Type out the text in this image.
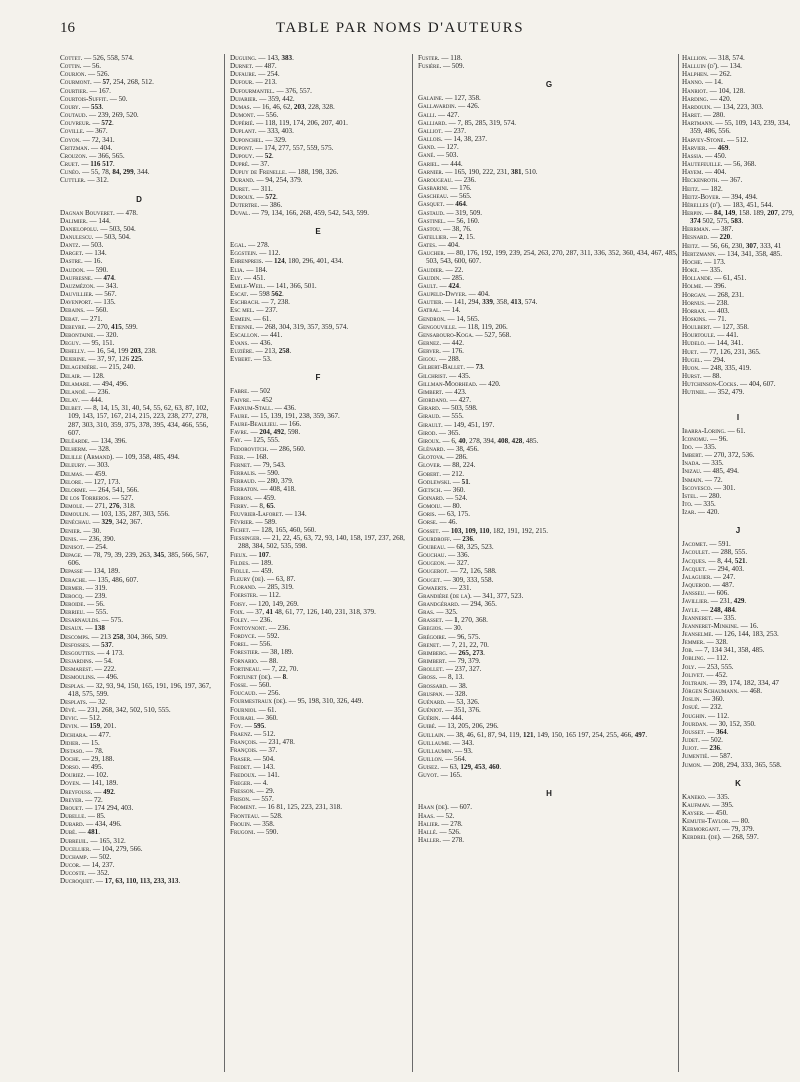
16	TABLE PAR NOMS D'AUTEURS
Cottet. — 526, 558, 574.
Cottin. — 56.
Courjon. — 526.
Courmont. — 57, 254, 268, 512.
Courtier. — 167.
Courtois-Suffit. — 50.
Coury. — 553.
Coutaud. — 239, 269, 520.
Couvreur. — 572.
Coville. — 367.
Coyon. — 72, 341.
Critzman. — 404.
Crouzon. — 366, 565.
Cruet. — 116 517.
Cunéo. — 55, 78, 84, 299, 344.
Cuttler. — 312.
D
Dagnan Bouveret. — 478.
Dalimier. — 144.
Danielopolu. — 503, 504.
Danulescu. — 503, 504.
Dantz. — 503.
Darget. — 134.
Dastre. — 16.
Daudon. — 590.
Daufresne. — 474.
Dauzmézon. — 343.
Dauvillier. — 567.
Davenport. — 135.
Debains. — 560.
Debat. — 271.
Debeyre. — 270, 415, 599.
Debontaine. — 320.
Deguy. — 95, 151.
Dehelly. — 16, 54, 199 203, 238.
Dejerine. — 37, 97, 126 225.
Delagenière. — 215, 240.
Delair. — 128.
Delamare. — 494, 496.
Delanoë. — 236.
Delay. — 444.
Delbet. — 8, 14, 15, 31, 40, 54, 55, 62, 63, 87, 102, 109, 143, 157, 167, 214, 215, 223, 238, 277, 278, 287, 303, 310, 359, 375, 378, 395, 434, 466, 556, 607.
Deléarde. — 134, 396.
Delherm. — 328.
Delille (Armand). — 109, 358, 485, 494.
Deleury. — 303.
Delmas. — 459.
Delore. — 127, 173.
Delorme. — 264, 541, 566.
De los Torreros. — 527.
Demole. — 271, 276, 318.
Demoulin. — 103, 135, 287, 303, 556.
Denéchau. — 329, 342, 367.
Denier. — 30.
Denis. — 236, 390.
Denisot. — 254.
Depage. — 78, 79, 39, 239, 263, 345, 385, 566, 567, 606.
Depasse — 134, 189.
Derache. — 135, 486, 607.
Dermer. — 319.
Derocq. — 239.
Deroide. — 56.
Derrieu. — 555.
Desarnaulds. — 575.
Desaux. — 138
Descomps. — 213 258, 304, 366, 509.
Desfosses. — 537.
Desgouttes. — 4 173.
Desjardins. — 54.
Desmarest. — 222.
Desmoulins. — 496.
Desplas. — 32, 93, 94, 150, 165, 191, 196, 197, 367, 418, 575, 599.
Desplats. — 32.
Dévé. — 231, 268, 342, 502, 510, 555.
Devic. — 512.
Devin. — 159, 201.
Dichiara. — 477.
Didier. — 15.
Distaso. — 78.
Doche. — 29, 188.
Dorso. — 495.
Douriez. — 102.
Doyen. — 141, 189.
Dreyfouss. — 492.
Dreyer. — 72.
Drouet. — 174 294, 403.
Dubelle. — 85.
Dubard. — 434, 496.
Dubé. — 481.
Dubreuil. — 165, 312.
Ducellier. — 104, 279, 566.
Duchamp. — 502.
Ducor. — 14, 237.
Ducoste. — 352.
Ducroquet. — 17, 63, 110, 113, 233, 313.
Duguing. — 143, 383.
Durnet. — 487.
Dufaure. — 254.
Dufour. — 213.
Dufourmantel. — 376, 557.
Dujarier. — 359, 442.
Dumas. — 16, 46, 62, 203, 228, 328.
Dumont. — 556.
Dupérié. — 118, 119, 174, 206, 207, 401.
Duplant. — 333, 403.
Duponchel. — 329.
Dupont. — 174, 277, 557, 559, 575.
Dupouy. — 52.
Dupré. — 37.
Dupuy de Frenelle. — 188, 198, 326.
Durand. — 94, 254, 379.
Duret. — 311.
Duroux. — 572.
Dutertre. — 386.
Duval. — 79, 134, 166, 268, 459, 542, 543, 599.
E
Egal. — 278.
Eggstein. — 112.
Ehrenpreis. — 124, 180, 296, 401, 434.
Elia. — 184.
Ely. — 451.
Emile-Weil. — 141, 366, 501.
Escat. — 598 562.
Eschbach. — 7, 238.
Esc mel. — 237.
Esmein. — 61.
Etienne. — 268, 304, 319, 357, 359, 574.
Escallon. — 441.
Evans. — 436.
Euzière. — 213, 258.
Eybert. — 53.
F
Fabre. — 502
Faivre. — 452
Farnum-Stall. — 436.
Faure. — 15, 139, 191, 238, 359, 367.
Faure-Beaulieu. — 166.
Favre. — 204, 492, 598.
Fay. — 125, 555.
Fedorovitch. — 286, 560.
Feer. — 168.
Fernet. — 79, 543.
Ferralis. — 590.
Ferraud. — 280, 379.
Ferraton. — 408, 418.
Ferron. — 459.
Ferry. — 8, 65.
Feuvrier-Laforet. — 134.
Février. — 589.
Fichet. — 128, 165, 460, 560.
Fiessinger. — 21, 22, 45, 63, 72, 93, 140, 158, 197, 237, 268, 288, 384, 502, 535, 598.
Fieux. — 107.
Fildes. — 189.
Fiolle. — 459.
Fleury (de). — 63, 87.
Florand. — 285, 319.
Foerster. — 112.
Foisy. — 120, 149, 269.
Foix. — 37, 41 48, 61, 77, 126, 140, 231, 318, 379.
Foley. — 236.
Fontoynont. — 236.
Fordyce. — 592.
Forel. — 556.
Forestier. — 38, 189.
Fornario. — 88.
Fortineau. — 7, 22, 70.
Fortunet (de). — 8.
Fosse. — 560.
Foucaud. — 256.
Fourmestraux (de). — 95, 198, 310, 326, 449.
Fournioi. — 61.
Fourari. — 360.
Foy. — 595.
Fraenz. — 512.
François. — 231, 478.
François. — 37.
Fraser. — 504.
Fredet. — 143.
Fredoux. — 141.
Freger. — 4.
Fresson. — 29.
Frison. — 557.
Froment. — 16 81, 125, 223, 231, 318.
Fronteau. — 528.
Frouin. — 358.
Frugoni. — 590.
Fuster. — 118.
Fusière. — 509.
G
Galaine. — 127, 358.
Gallavardin. — 426.
Galli. — 427.
Galliard. — 7, 85, 285, 319, 574.
Galliot. — 237.
Gallois. — 14, 38, 237.
Gand. — 127.
Gané. — 503.
Gariel. — 444.
Garnier. — 165, 190, 222, 231, 381, 510.
Garougeau. — 236.
Gasbarini. — 176.
Gascheau. — 565.
Gasquet. — 464.
Gastaud. — 319, 509.
Gastinel. — 56, 160.
Gastou. — 38, 76.
Gatellier. — 2, 15.
Gates. — 404.
Gaucher. — 80, 176, 192, 199, 239, 254, 263, 270, 287, 311, 336, 352, 360, 434, 467, 485, 503, 543, 600, 607.
Gaudier. — 22.
Gaudin. — 285.
Gault. — 424.
Gaupeld-Dwyer. — 404.
Gautier. — 141, 294, 339, 358, 413, 574.
Gatral. — 14.
Gendron. — 14, 565.
Gengouville. — 118, 119, 206.
Gensabouro-Koga. — 527, 568.
Gernez. — 442.
Gerver. — 176.
Gigou. — 288.
Gilbert-Ballet. — 73.
Gilchrist. — 435.
Gillman-Moorhead. — 420.
Gimbert. — 423.
Giordano. — 427.
Girard. — 503, 598.
Giraud. — 555.
Girault. — 149, 451, 197.
Girod. — 365.
Giroux. — 6, 40, 278, 394, 408, 428, 485.
Glénard. — 38, 456.
Glotova. — 286.
Glover. — 88, 224.
Gobert. — 212.
Godlewski. — 51.
Gœtsch. — 360.
Goinard. — 524.
Gomoiu. — 80.
Goris. — 63, 175.
Gorse. — 46.
Gosset. — 103, 109, 110, 182, 191, 192, 215.
Gourdroff. — 236.
Goubeau. — 68, 325, 523.
Gouchau. — 336.
Gougeon. — 327.
Gougerot. — 72, 126, 588.
Gouget. — 309, 333, 558.
Gowaerts. — 231.
Grandière (de la). — 341, 377, 523.
Grandgérard. — 294, 365.
Gras. — 325.
Grasset. — 1, 270, 368.
Gregios. — 30.
Grégoire. — 96, 575.
Grenet. — 7, 21, 22, 70.
Grimberg. — 265, 273.
Grimbert. — 79, 379.
Grollet. — 237, 327.
Gross. — 8, 13.
Grossard. — 38.
Gruspan. — 328.
Guénard. — 53, 326.
Guéniot. — 351, 376.
Guérin. — 444.
Guibé. — 13, 205, 206, 296.
Guillain. — 38, 46, 61, 87, 94, 119, 121, 149, 150, 165 197, 254, 255, 466, 497.
Guillaume. — 343.
Guillaumin. — 93.
Guillon. — 564.
Guisez. — 63, 129, 453, 460.
Guyot. — 165.
H
Haan (de). — 607.
Haas. — 52.
Halier. — 278.
Hallé. — 526.
Haller. — 278.
Hallion. — 318, 574.
Halluin (d'). — 134.
Halphen. — 262.
Hanno. — 14.
Hanriot. — 104, 128.
Harding. — 420.
Hardouin. — 134, 223, 303.
Haret. — 280.
Hartmann. — 55, 109, 143, 239, 334, 359, 486, 556.
Harvey-Stone. — 512.
Harvier. — 469.
Hassia. — 450.
Hautefeuille. — 56, 368.
Hayem. — 404.
Heckenroth. — 367.
Heitz. — 182.
Heitz-Boyer. — 394, 494.
Hérelles (d'). — 183, 451, 544.
Herpin. — 84, 149, 158. 189, 207, 279, 374 502, 575, 583.
Herrman. — 387.
Hesnard. — 220.
Heitz. — 56, 66, 230, 307, 333, 41
Hertzmann. — 134, 341, 358, 485.
Hoche. — 173.
Hoke. — 335.
Hollande. — 61, 451.
Holme. — 396.
Horgan. — 268, 231.
Hornus. — 238.
Horrax. — 403.
Hoskins. — 71.
Houlbert. — 127, 358.
Hourtoule. — 441.
Hudelo. — 144, 341.
Huet. — 77, 126, 231, 365.
Hugel. — 294.
Huon. — 248, 335, 419.
Hurst. — 88.
Hutchinson-Cocks. — 404, 607.
Hutinel. — 352, 479.
I
Ibarra-Loring. — 61.
Iconomu. — 96.
Ido. — 335.
Imbert. — 270, 372, 536.
Inada. — 335.
Inizau. — 485, 494.
Inmain. — 72.
Iscovesco. — 301.
Istel. — 280.
Ito. — 335.
Izar. — 420.
J
Jacomet. — 591.
Jacoulet. — 288, 555.
Jacques. — 8, 44, 521.
Jacquet. — 294, 403.
Jalaguier. — 247.
Jaquerod. — 487.
Jansseu. — 606.
Javillier. — 231, 429.
Jayle. — 248, 484.
Jeanneret. — 335.
Jeanneret-Minkine. — 16.
Jeanselme. — 126, 144, 183, 253.
Jemmer. — 328.
Job. — 7, 134 341, 358, 485.
Jobling. — 112.
Joly. — 253, 555.
Jolivet. — 452.
Joltrain. — 39, 174, 182, 334, 47
Jörgen Schaumann. — 468.
Joslin. — 360.
Josué. — 232.
Joughin. — 112.
Jourdan. — 30, 152, 350.
Jousset. — 364.
Judet. — 502.
Jujot. — 236.
Jumentié. — 587.
Jumon. — 208, 294, 333, 365, 558.
K
Kaneko. — 335.
Kaufman. — 395.
Kayser. — 450.
Kemuth-Taylor. — 80.
Kermorgant. — 79, 379.
Kerdrel (de). — 268, 597.
